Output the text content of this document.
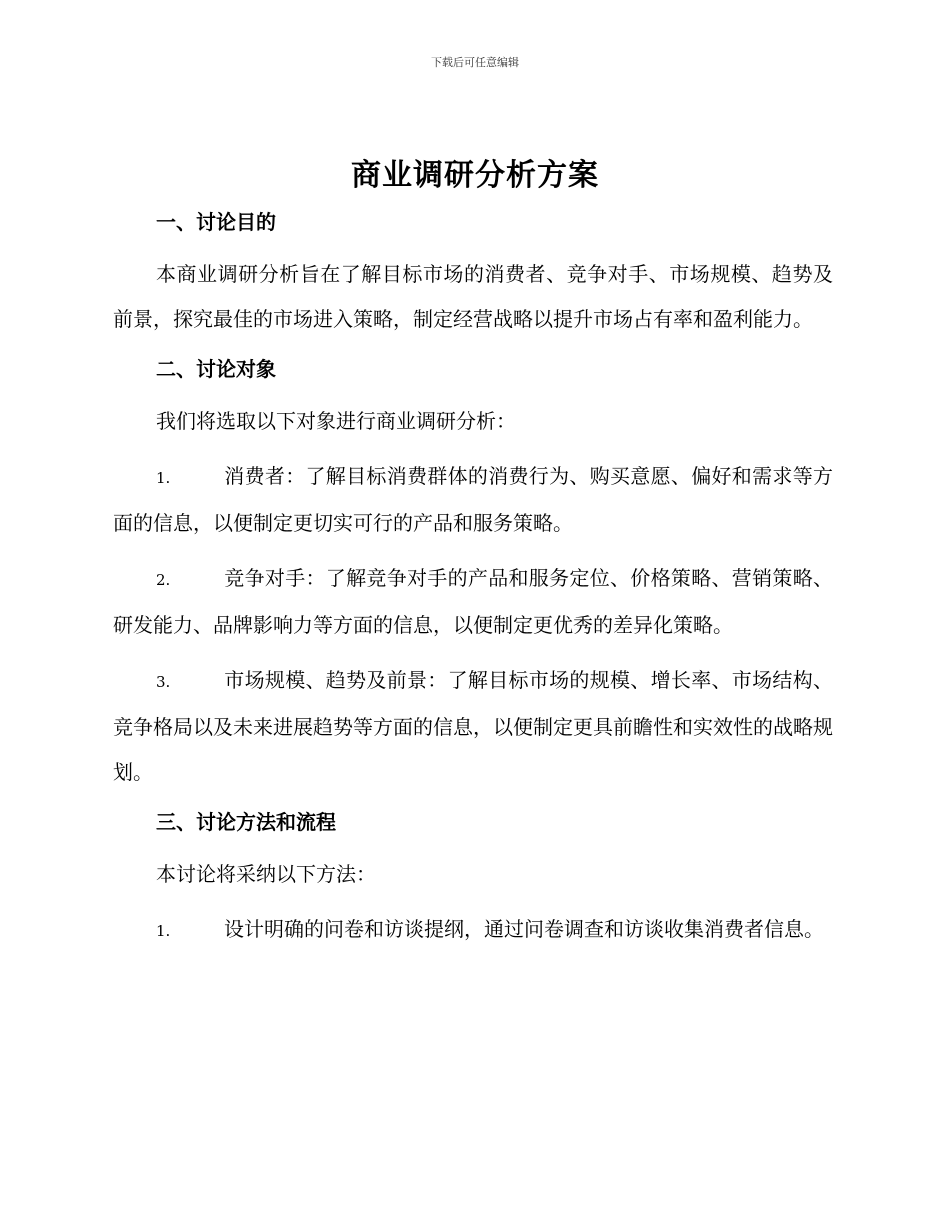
下载后可任意编辑
商业调研分析方案
一、讨论目的

本商业调研分析旨在了解目标市场的消费者、竞争对手、市场规模、趋势及前景，探究最佳的市场进入策略，制定经营战略以提升市场占有率和盈利能力。

二、讨论对象

我们将选取以下对象进行商业调研分析：

1.	消费者：了解目标消费群体的消费行为、购买意愿、偏好和需求等方面的信息，以便制定更切实可行的产品和服务策略。

2.	竞争对手：了解竞争对手的产品和服务定位、价格策略、营销策略、研发能力、品牌影响力等方面的信息，以便制定更优秀的差异化策略。

3.	市场规模、趋势及前景：了解目标市场的规模、增长率、市场结构、竞争格局以及未来进展趋势等方面的信息，以便制定更具前瞻性和实效性的战略规划。

三、讨论方法和流程

本讨论将采纳以下方法：

1.	设计明确的问卷和访谈提纲，通过问卷调查和访谈收集消费者信息。
